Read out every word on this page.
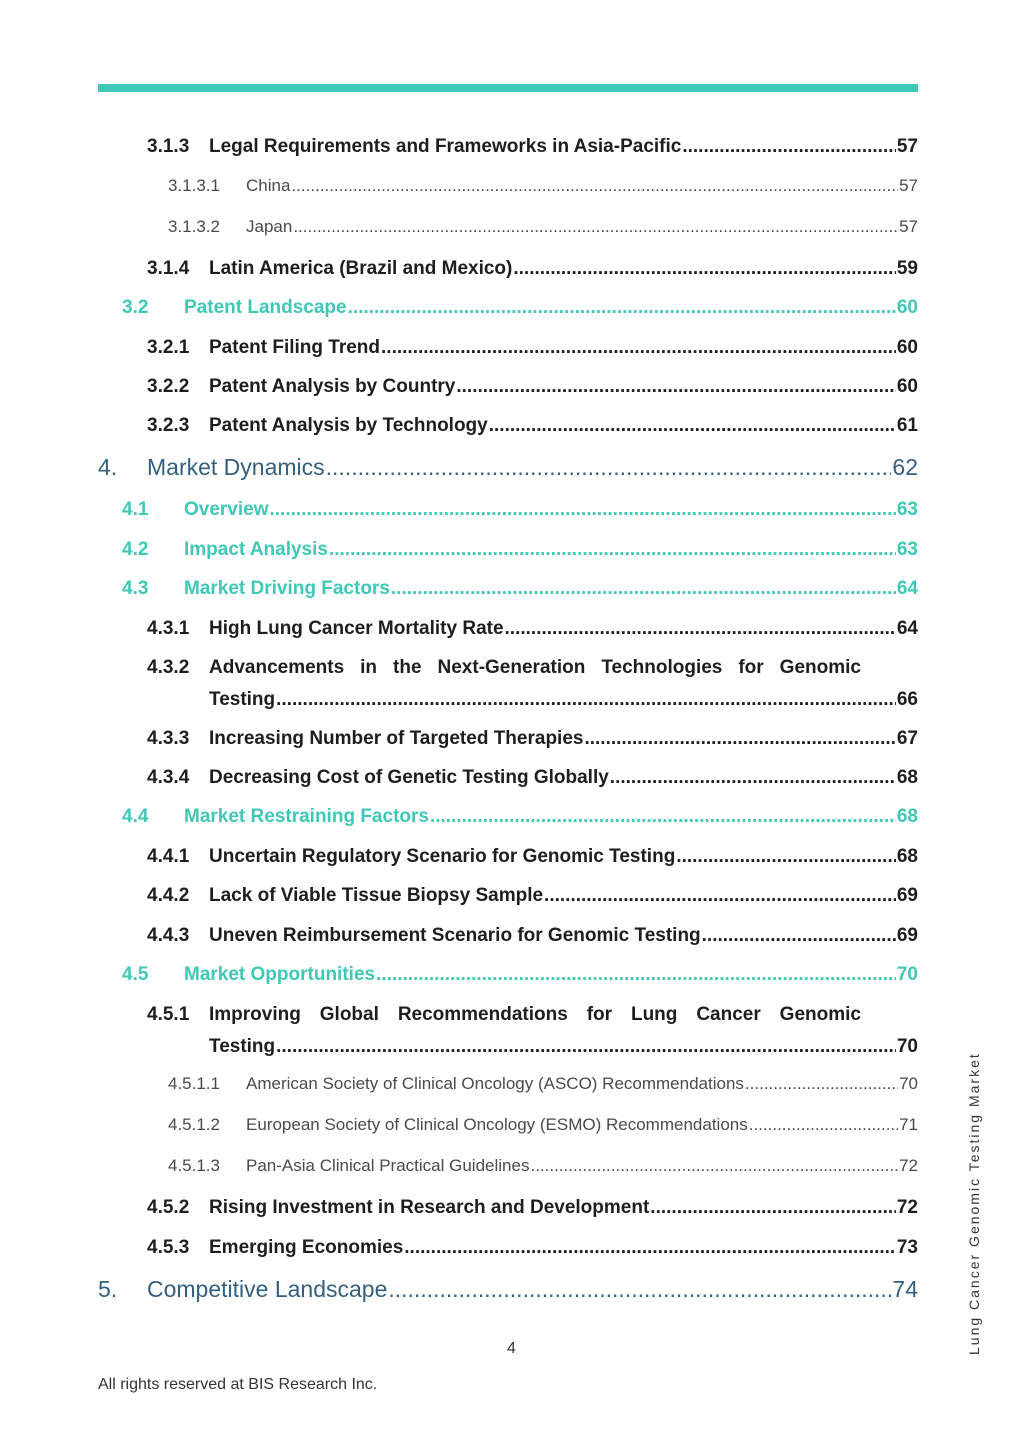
3.1.3	Legal Requirements and Frameworks in Asia-Pacific .....	57
3.1.3.1	China .....	57
3.1.3.2	Japan .....	57
3.1.4	Latin America (Brazil and Mexico) .....	59
3.2	Patent Landscape .....	60
3.2.1	Patent Filing Trend .....	60
3.2.2	Patent Analysis by Country .....	60
3.2.3	Patent Analysis by Technology .....	61
4.	Market Dynamics .....	62
4.1	Overview .....	63
4.2	Impact Analysis .....	63
4.3	Market Driving Factors .....	64
4.3.1	High Lung Cancer Mortality Rate .....	64
4.3.2	Advancements in the Next-Generation Technologies for Genomic
Testing .....	66
4.3.3	Increasing Number of Targeted Therapies .....	67
4.3.4	Decreasing Cost of Genetic Testing Globally .....	68
4.4	Market Restraining Factors .....	68
4.4.1	Uncertain Regulatory Scenario for Genomic Testing .....	68
4.4.2	Lack of Viable Tissue Biopsy Sample .....	69
4.4.3	Uneven Reimbursement Scenario for Genomic Testing .....	69
4.5	Market Opportunities .....	70
4.5.1	Improving Global Recommendations for Lung Cancer Genomic
Testing .....	70
4.5.1.1	American Society of Clinical Oncology (ASCO) Recommendations .....	70
4.5.1.2	European Society of Clinical Oncology (ESMO) Recommendations .....	71
4.5.1.3	Pan-Asia Clinical Practical Guidelines .....	72
4.5.2	Rising Investment in Research and Development .....	72
4.5.3	Emerging Economies .....	73
5.	Competitive Landscape .....	74
4
All rights reserved at BIS Research Inc.
Lung Cancer Genomic Testing Market
